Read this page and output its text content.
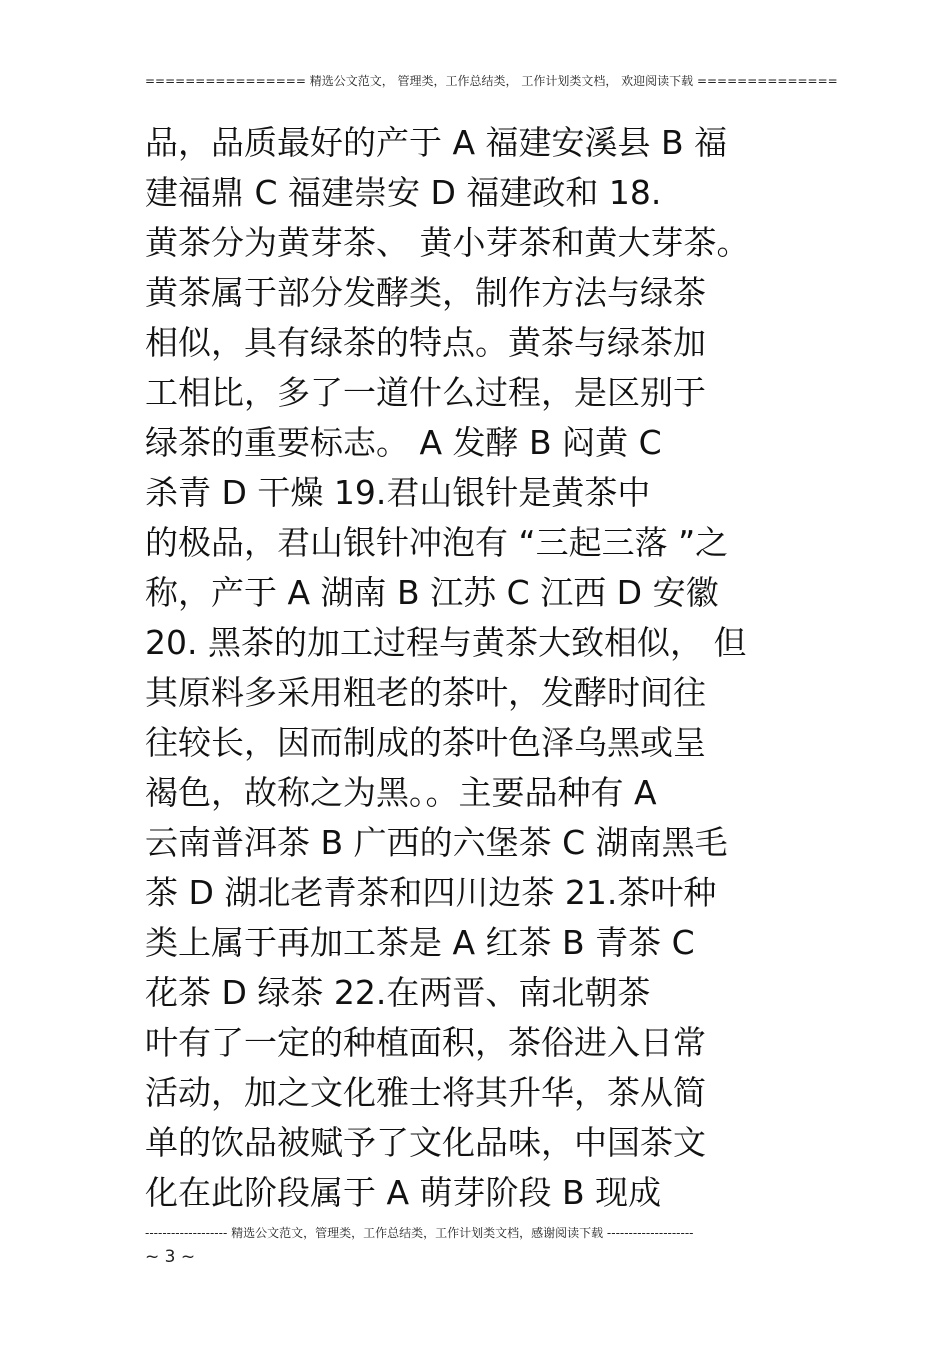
================ 精选公文范文， 管理类，工作总结类， 工作计划类文档， 欢迎阅读下载 ==============
品，品质最好的产于 A 福建安溪县 B 福
建福鼎 C 福建崇安 D 福建政和 18.
黄茶分为黄芽茶、 黄小芽茶和黄大芽茶。
黄茶属于部分发酵类，制作方法与绿茶
相似，具有绿茶的特点。黄茶与绿茶加
工相比，多了一道什么过程，是区别于
绿茶的重要标志。 A 发酵 B 闷黄 C
杀青 D 干燥 19.君山银针是黄茶中
的极品，君山银针冲泡有 “三起三落 ”之
称，产于 A 湖南 B 江苏 C 江西 D 安徽
20. 黑茶的加工过程与黄茶大致相似， 但
其原料多采用粗老的茶叶，发酵时间往
往较长，因而制成的茶叶色泽乌黑或呈
褐色，故称之为黑。。主要品种有 A
云南普洱茶 B 广西的六堡茶 C 湖南黑毛
茶 D 湖北老青茶和四川边茶 21.茶叶种
类上属于再加工茶是 A 红茶 B 青茶 C
花茶 D 绿茶 22.在两晋、南北朝茶
叶有了一定的种植面积，茶俗进入日常
活动，加之文化雅士将其升华，茶从简
单的饮品被赋予了文化品味，中国茶文
化在此阶段属于 A 萌芽阶段 B 现成
------------------- 精选公文范文，管理类，工作总结类，工作计划类文档，感谢阅读下载 --------------------
~ 3 ~
